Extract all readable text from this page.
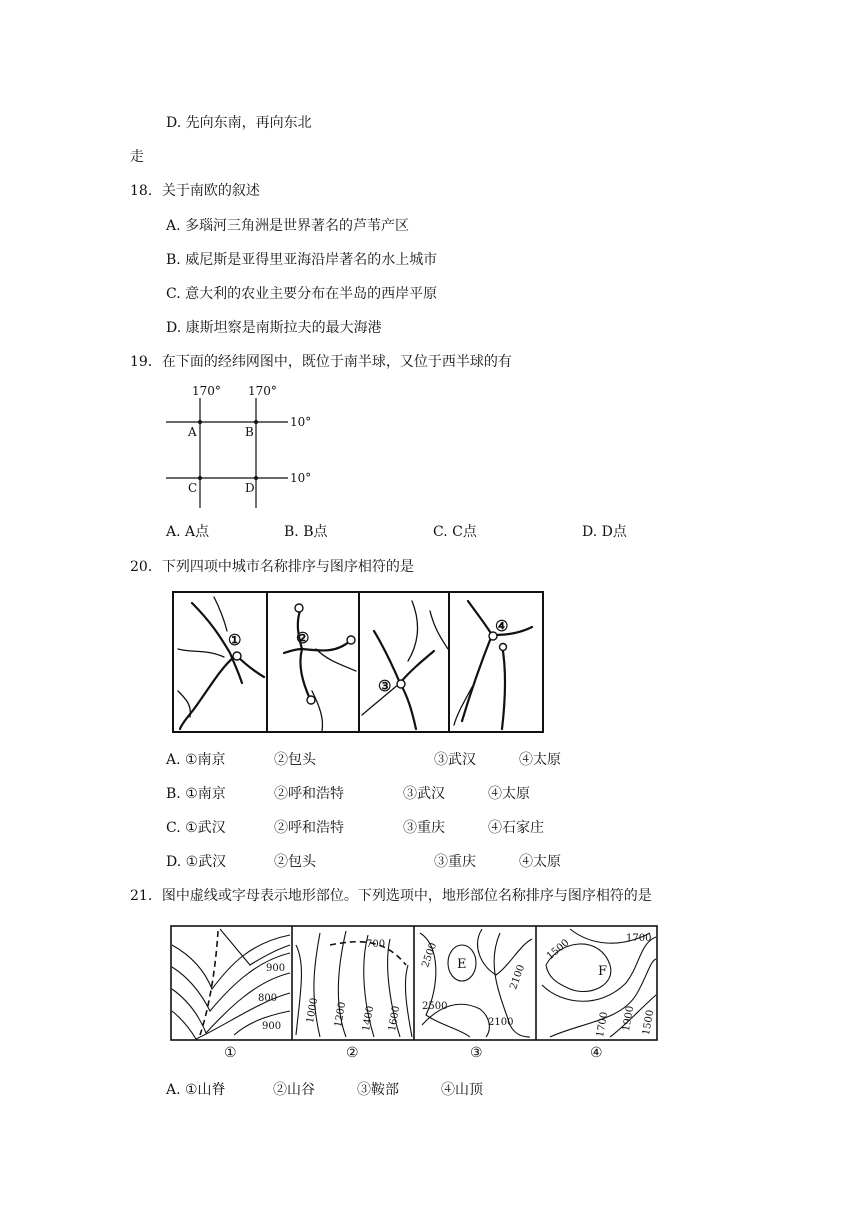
D. 先向东南，再向东北
走
18．关于南欧的叙述
A. 多瑙河三角洲是世界著名的芦苇产区
B. 威尼斯是亚得里亚海沿岸著名的水上城市
C. 意大利的农业主要分布在半岛的西岸平原
D. 康斯坦察是南斯拉夫的最大海港
19．在下面的经纬网图中，既位于南半球，又位于西半球的有
170° 170°
10°
10°
A	B
C	D
A. A点	B. B点	C. C点	D. D点
20．下列四项中城市名称排序与图序相符的是
①	②
③
④
A. ①南京	②包头	③武汉	④太原
B. ①南京	②呼和浩特	③武汉	④太原
C. ①武汉	②呼和浩特	③重庆	④石家庄
D. ①武汉	②包头	③重庆	④太原
21．图中虚线或字母表示地形部位。下列选项中，地形部位名称排序与图序相符的是
900
800
900
700
1000 1200 1400 1600
2500
2100
2500
2100
1500	1700
1900
1700	1500
E	F
①	②	③	④
A. ①山脊	②山谷	③鞍部	④山顶
